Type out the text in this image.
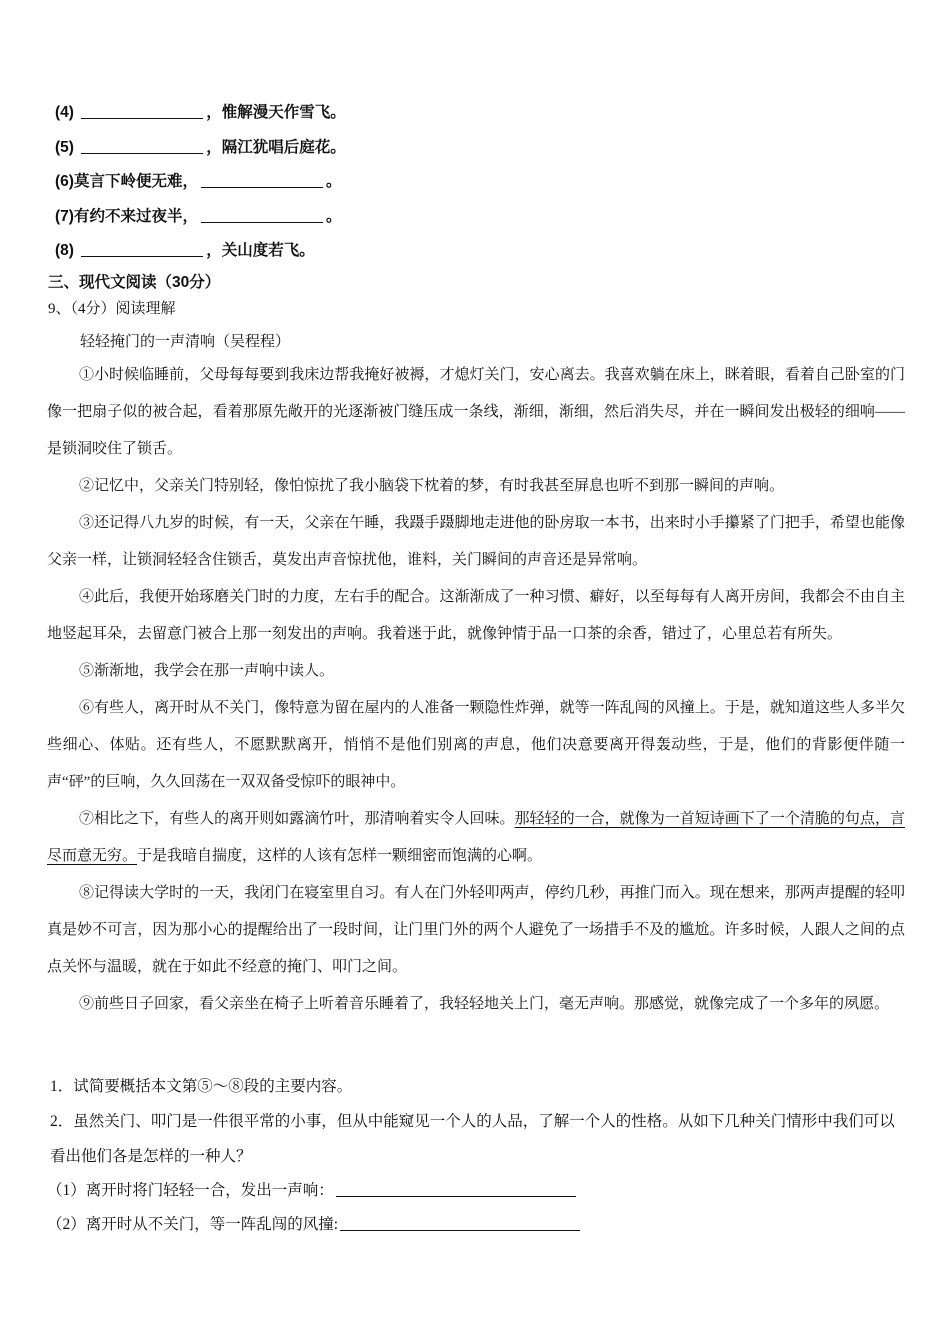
(4)	，惟解漫天作雪飞。
(5)	，隔江犹唱后庭花。
(6)莫言下岭便无难，	。
(7)有约不来过夜半，	。
(8)	，关山度若飞。
三、现代文阅读（30分）
9、（4分）阅读理解
轻轻掩门的一声清响（吴程程）

①小时候临睡前，父母每每要到我床边帮我掩好被褥，才熄灯关门，安心离去。我喜欢躺在床上，眯着眼，看着自己卧室的门像一把扇子似的被合起，看着那原先敞开的光逐渐被门缝压成一条线，渐细，渐细，然后消失尽，并在一瞬间发出极轻的细响——是锁洞咬住了锁舌。

②记忆中，父亲关门特别轻，像怕惊扰了我小脑袋下枕着的梦，有时我甚至屏息也听不到那一瞬间的声响。

③还记得八九岁的时候，有一天，父亲在午睡，我蹑手蹑脚地走进他的卧房取一本书，出来时小手攥紧了门把手，希望也能像父亲一样，让锁洞轻轻含住锁舌，莫发出声音惊扰他，谁料，关门瞬间的声音还是异常响。

④此后，我便开始琢磨关门时的力度，左右手的配合。这渐渐成了一种习惯、癖好，以至每每有人离开房间，我都会不由自主地竖起耳朵，去留意门被合上那一刻发出的声响。我着迷于此，就像钟情于品一口茶的余香，错过了，心里总若有所失。

⑤渐渐地，我学会在那一声响中读人。

⑥有些人，离开时从不关门，像特意为留在屋内的人准备一颗隐性炸弹，就等一阵乱闯的风撞上。于是，就知道这些人多半欠些细心、体贴。还有些人，不愿默默离开，悄悄不是他们别离的声息，他们决意要离开得轰动些，于是，他们的背影便伴随一声“砰”的巨响，久久回荡在一双双备受惊吓的眼神中。

⑦相比之下，有些人的离开则如露滴竹叶，那清响着实令人回味。那轻轻的一合，就像为一首短诗画下了一个清脆的句点，言尽而意无穷。于是我暗自揣度，这样的人该有怎样一颗细密而饱满的心啊。

⑧记得读大学时的一天，我闭门在寝室里自习。有人在门外轻叩两声，停约几秒，再推门而入。现在想来，那两声提醒的轻叩真是妙不可言，因为那小心的提醒给出了一段时间，让门里门外的两个人避免了一场措手不及的尴尬。许多时候，人跟人之间的点点关怀与温暖，就在于如此不经意的掩门、叩门之间。

⑨前些日子回家，看父亲坐在椅子上听着音乐睡着了，我轻轻地关上门，毫无声响。那感觉，就像完成了一个多年的夙愿。

1．试简要概括本文第⑤～⑧段的主要内容。

2．虽然关门、叩门是一件很平常的小事，但从中能窥见一个人的人品，了解一个人的性格。从如下几种关门情形中我们可以看出他们各是怎样的一种人？

（1）离开时将门轻轻一合，发出一声响：

（2）离开时从不关门，等一阵乱闯的风撞:
